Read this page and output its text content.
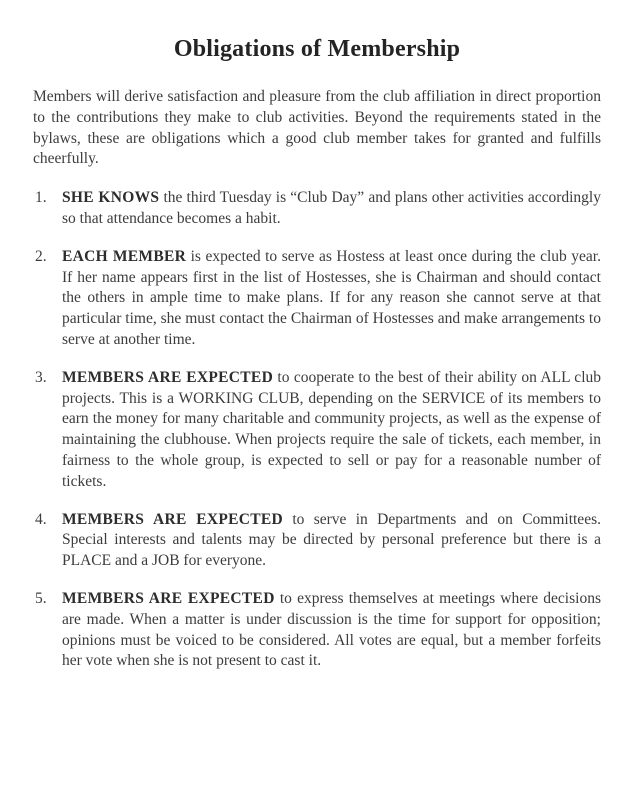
Obligations of Membership

Members will derive satisfaction and pleasure from the club affiliation in direct proportion to the contributions they make to club activities. Beyond the requirements stated in the bylaws, these are obligations which a good club member takes for granted and fulfills cheerfully.

1. SHE KNOWS the third Tuesday is “Club Day” and plans other activities accordingly so that attendance becomes a habit.
2. EACH MEMBER is expected to serve as Hostess at least once during the club year. If her name appears first in the list of Hostesses, she is Chairman and should contact the others in ample time to make plans. If for any reason she cannot serve at that particular time, she must contact the Chairman of Hostesses and make arrangements to serve at another time.
3. MEMBERS ARE EXPECTED to cooperate to the best of their ability on ALL club projects. This is a WORKING CLUB, depending on the SERVICE of its members to earn the money for many charitable and community projects, as well as the expense of maintaining the clubhouse. When projects require the sale of tickets, each member, in fairness to the whole group, is expected to sell or pay for a reasonable number of tickets.
4. MEMBERS ARE EXPECTED to serve in Departments and on Committees. Special interests and talents may be directed by personal preference but there is a PLACE and a JOB for everyone.
5. MEMBERS ARE EXPECTED to express themselves at meetings where decisions are made. When a matter is under discussion is the time for support for opposition; opinions must be voiced to be considered. All votes are equal, but a member forfeits her vote when she is not present to cast it.
